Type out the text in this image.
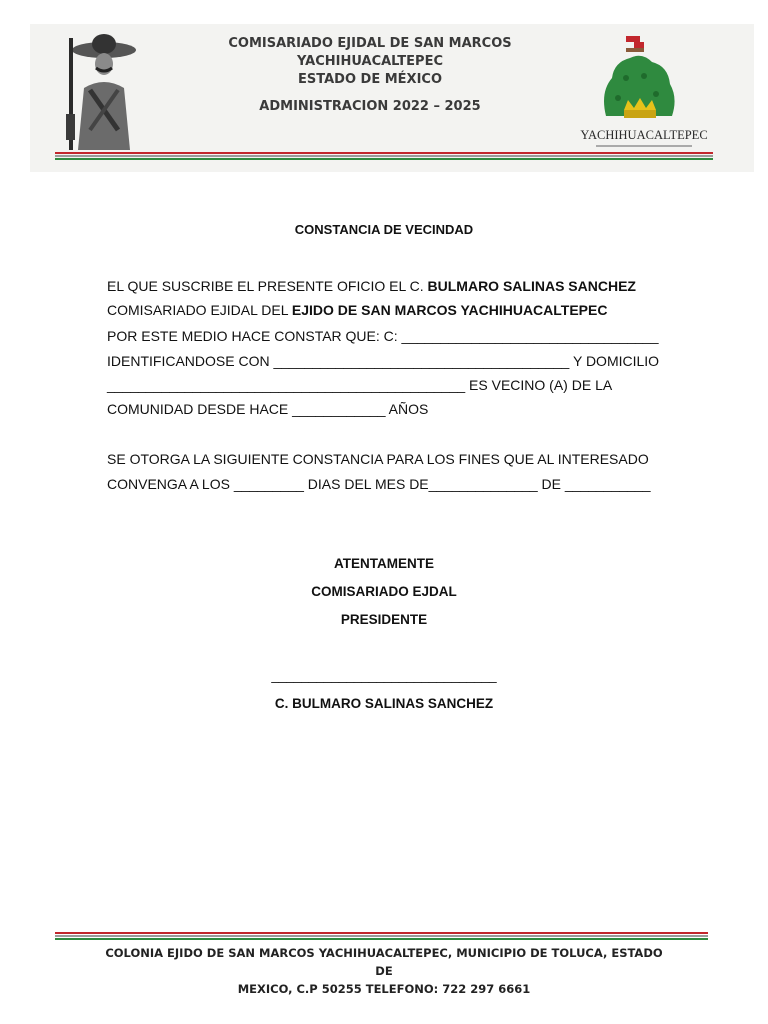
COMISARIADO EJIDAL DE SAN MARCOS
YACHIHUACALTEPEC
ESTADO DE MÉXICO
ADMINISTRACION 2022 – 2025
YACHIHUACALTEPEC
CONSTANCIA DE VECINDAD
EL QUE SUSCRIBE EL PRESENTE OFICIO EL C. BULMARO SALINAS SANCHEZ
COMISARIADO EJIDAL DEL EJIDO DE SAN MARCOS YACHIHUACALTEPEC
POR ESTE MEDIO HACE CONSTAR QUE: C: _________________________________
IDENTIFICANDOSE CON ______________________________________ Y DOMICILIO
______________________________________________ ES VECINO (A) DE LA
COMUNIDAD DESDE HACE ____________ AÑOS
SE OTORGA LA SIGUIENTE CONSTANCIA PARA LOS FINES QUE AL INTERESADO
CONVENGA A LOS _________ DIAS DEL MES DE______________ DE ___________
ATENTAMENTE
COMISARIADO EJDAL
PRESIDENTE
______________________________
C. BULMARO SALINAS SANCHEZ
COLONIA EJIDO DE SAN MARCOS YACHIHUACALTEPEC, MUNICIPIO DE TOLUCA, ESTADO DE
MEXICO, C.P 50255 TELEFONO: 722 297 6661
